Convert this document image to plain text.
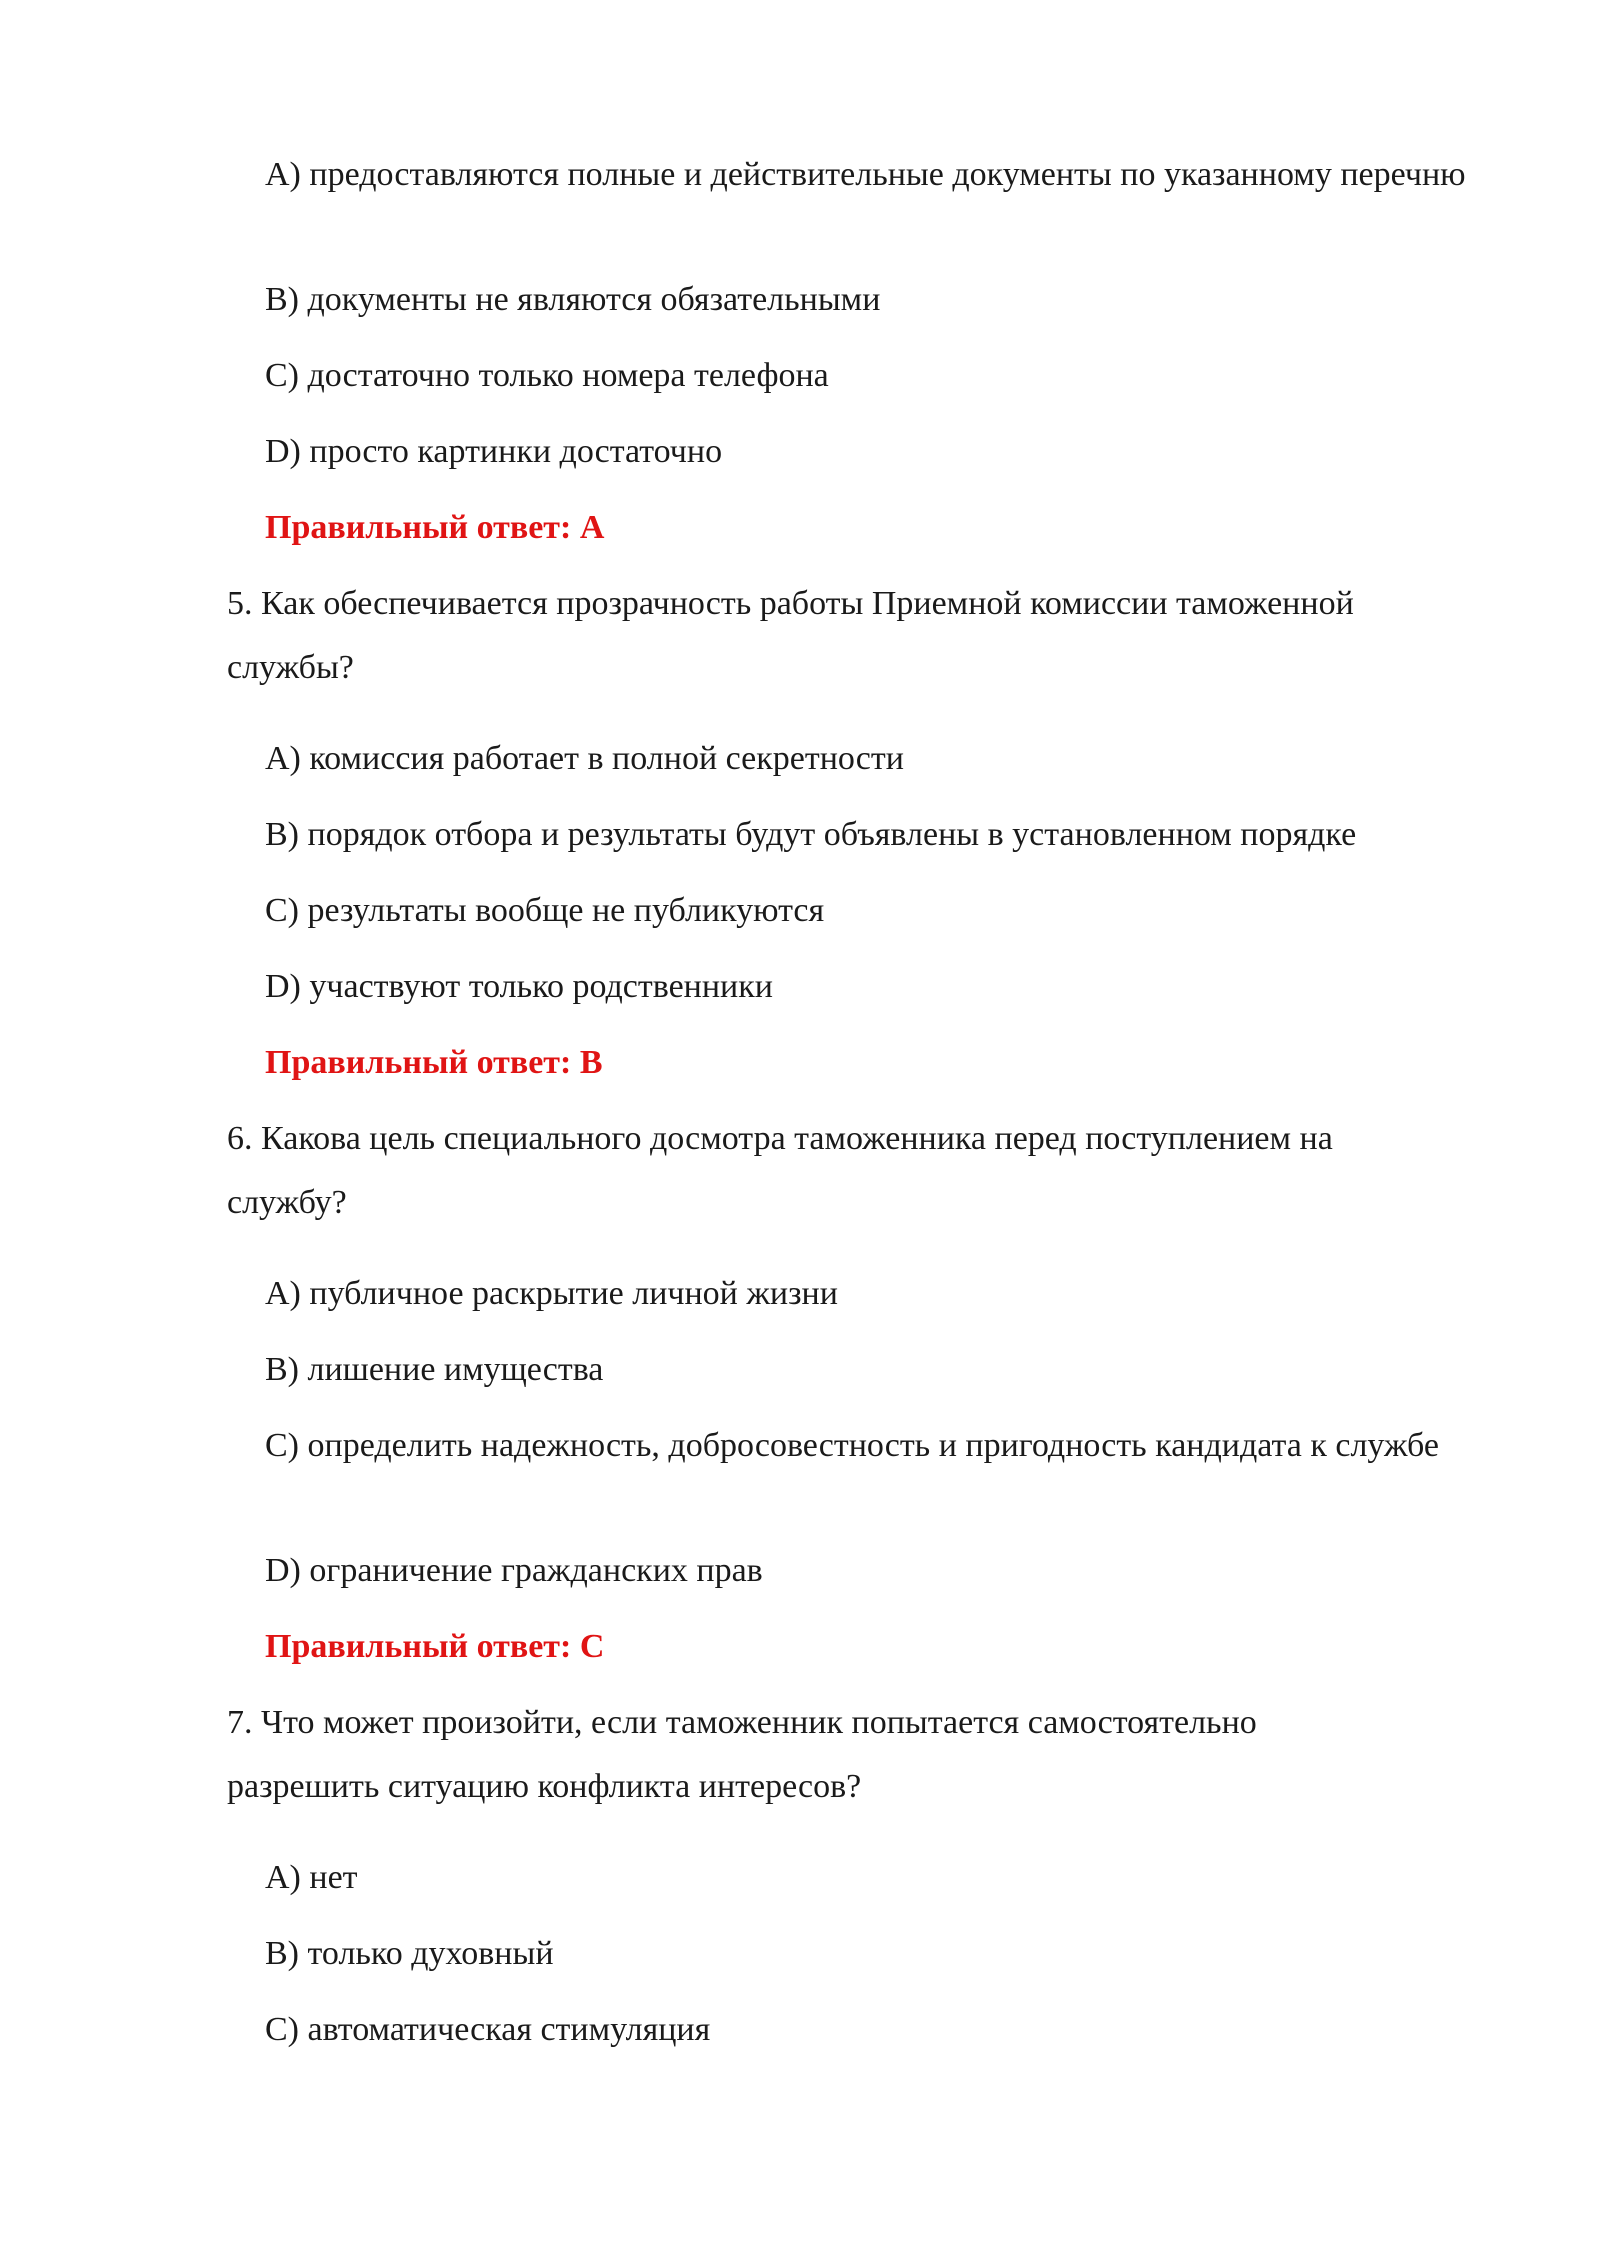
A) предоставляются полные и действительные документы по указанному перечню

B) документы не являются обязательными

C) достаточно только номера телефона

D) просто картинки достаточно

Правильный ответ: A

5. Как обеспечивается прозрачность работы Приемной комиссии таможенной

службы?

A) комиссия работает в полной секретности

B) порядок отбора и результаты будут объявлены в установленном порядке

C) результаты вообще не публикуются

D) участвуют только родственники

Правильный ответ: B

6. Какова цель специального досмотра таможенника перед поступлением на

службу?

A) публичное раскрытие личной жизни

B) лишение имущества

C) определить надежность, добросовестность и пригодность кандидата к службе

D) ограничение гражданских прав

Правильный ответ: C

7. Что может произойти, если таможенник попытается самостоятельно

разрешить ситуацию конфликта интересов?

A) нет

B) только духовный

C) автоматическая стимуляция
